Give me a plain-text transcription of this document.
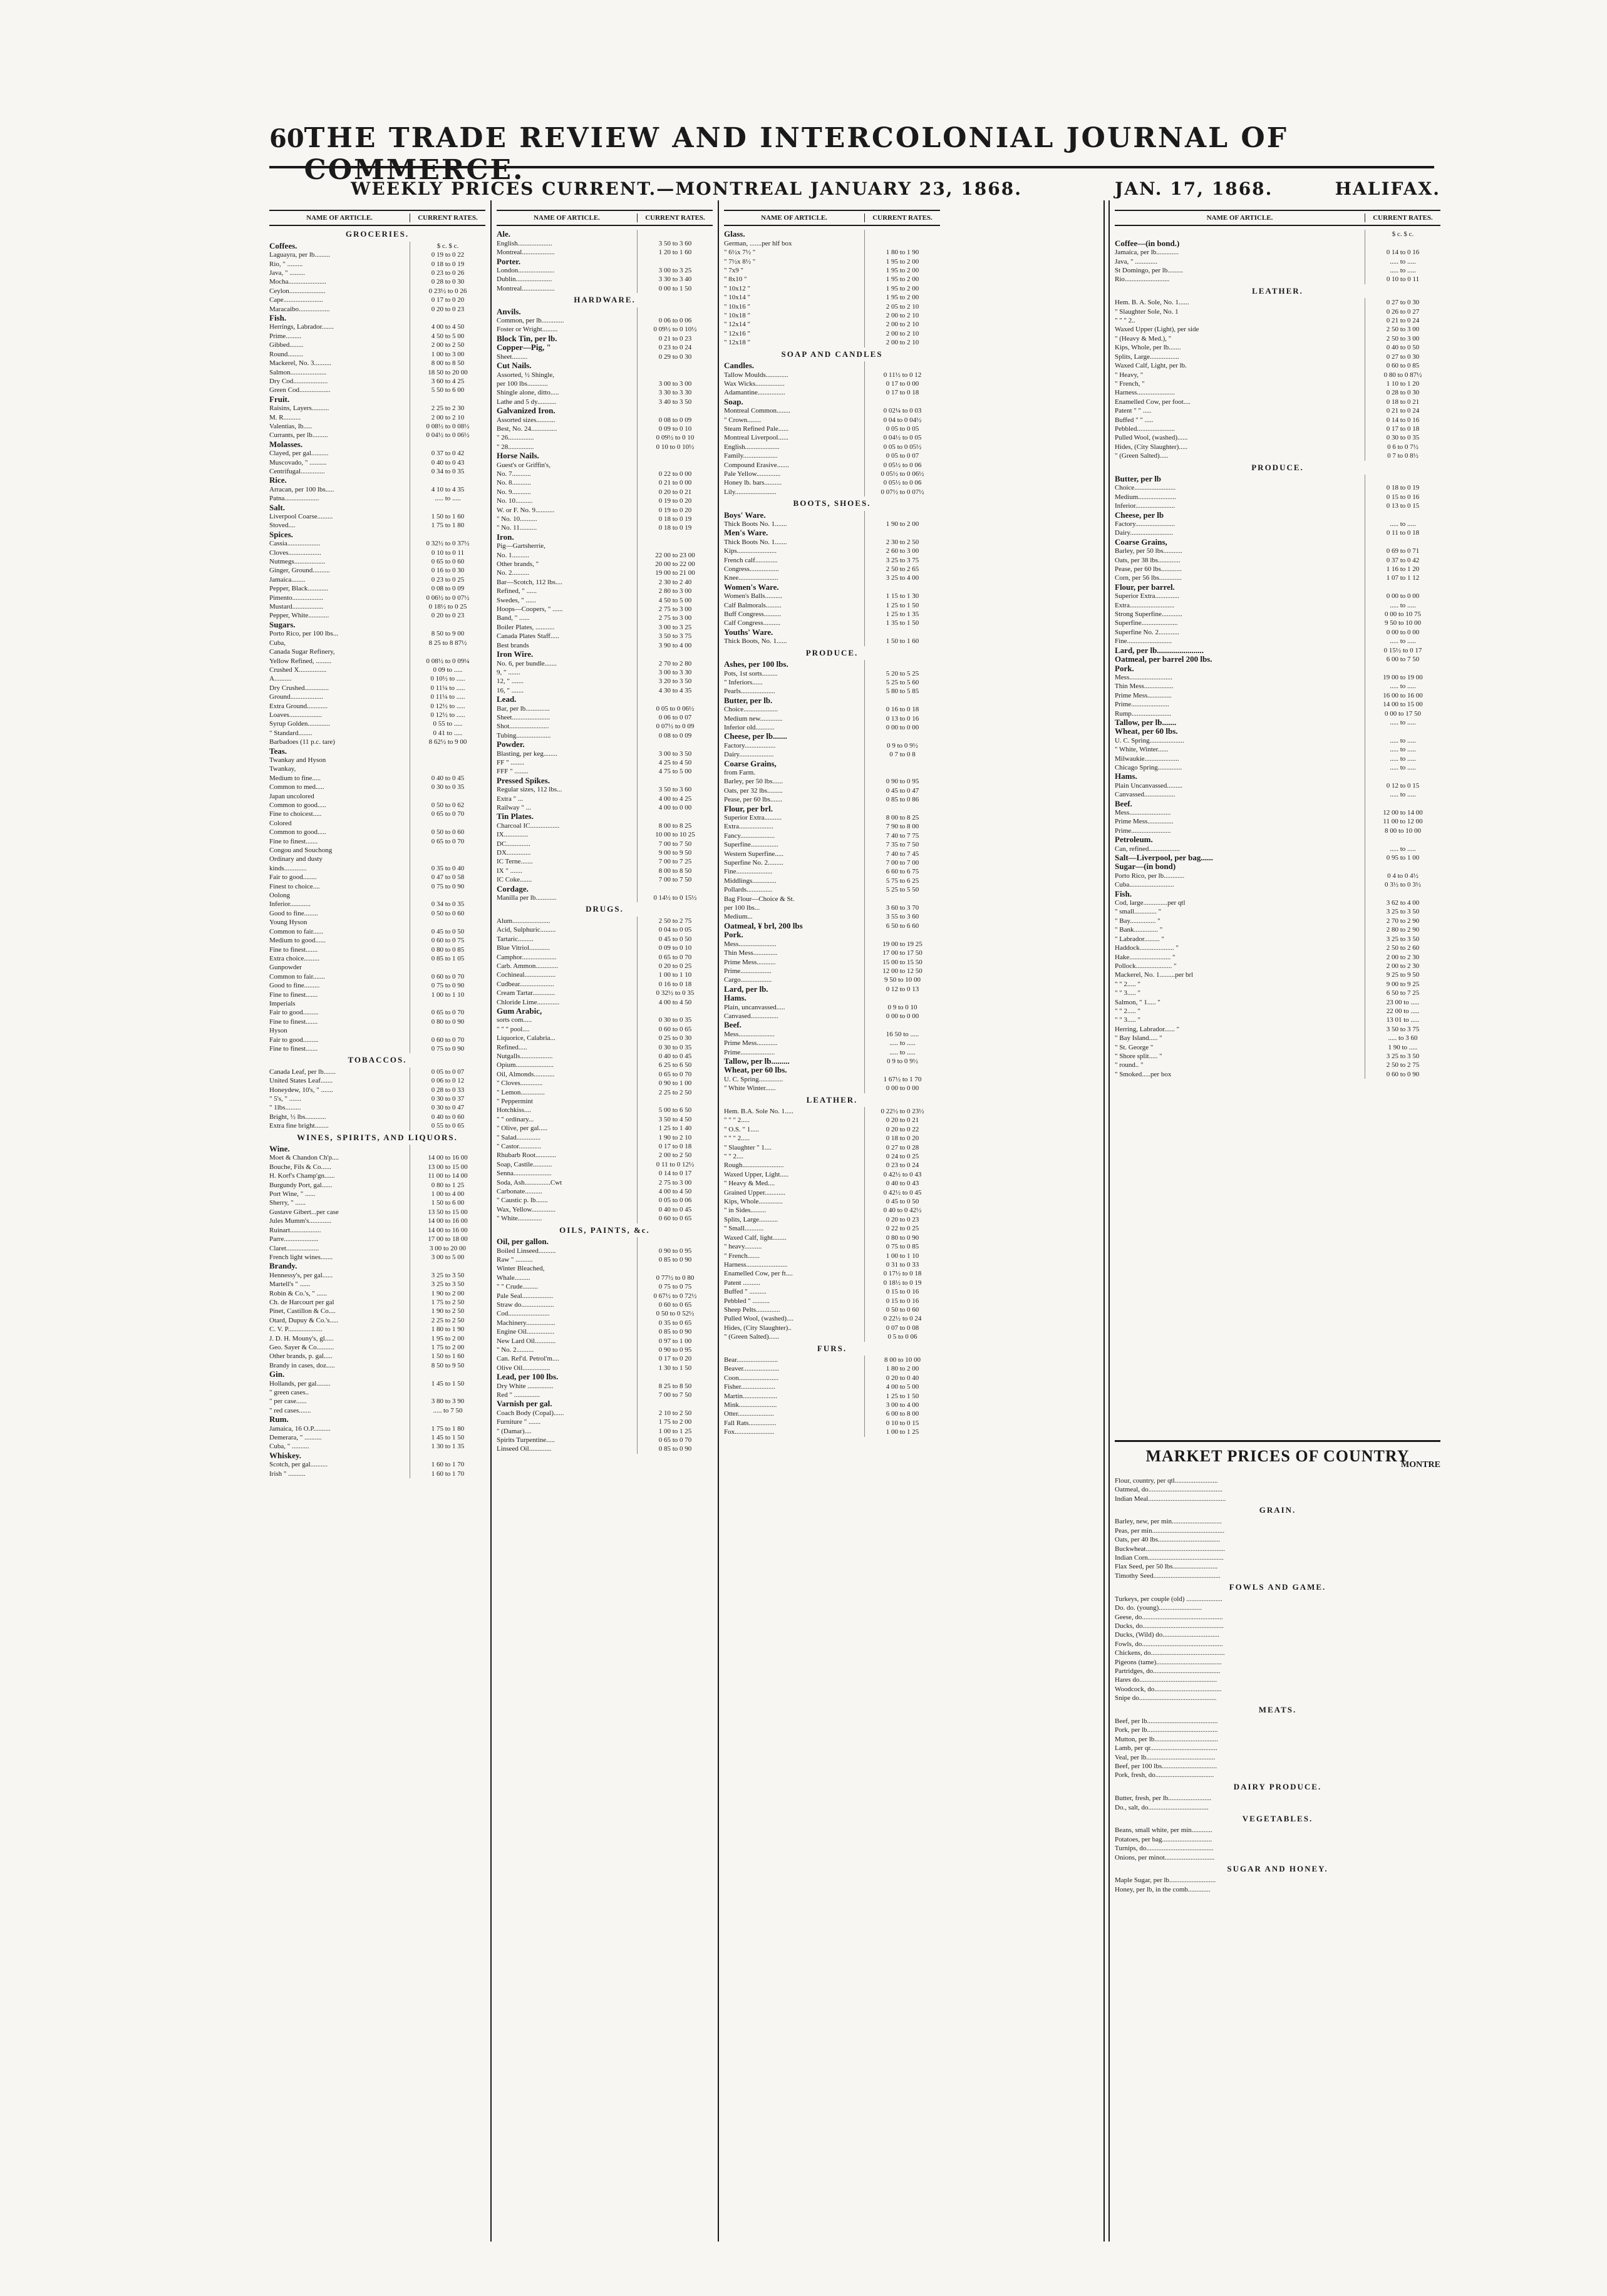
60 THE TRADE REVIEW AND INTERCOLONIAL JOURNAL OF COMMERCE.
WEEKLY PRICES CURRENT.—MONTREAL JANUARY 23, 1868.	JAN. 17, 1868.	HALIFAX.
NAME OF ARTICLE.	CURRENT RATES.
GROCERIES.
Coffees.	$ c. $ c.
Laguayra, per lb.........	0 19 to 0 22
Rio, " .........	0 18 to 0 19
Java, " .........	0 23 to 0 26
Mocha......................	0 28 to 0 30
Ceylon.....................	0 23½ to 0 26
Cape.......................	0 17 to 0 20
Maracaibo..................	0 20 to 0 23
Fish.
Herrings, Labrador.......	4 00 to 4 50
Prime.........	4 50 to 5 00
Gibbed........	2 00 to 2 50
Round.........	1 00 to 3 00
Mackerel, No. 3..........	8 00 to 8 50
Salmon.....................	18 50 to 20 00
Dry Cod....................	3 60 to 4 25
Green Cod..................	5 50 to 6 00
Fruit.
Raisins, Layers..........	2 25 to 2 30
M. R..........	2 00 to 2 10
Valentias, lb.....	0 08½ to 0 08½
Currants, per lb.........	0 04½ to 0 06½
Molasses.
Clayed, per gal..........	0 37 to 0 42
Muscovado, " ..........	0 40 to 0 43
Centrifugal..............	0 34 to 0 35
Rice.
Arracan, per 100 lbs.....	4 10 to 4 35
Patna....................	..... to .....
Salt.
Liverpool Coarse.........	1 50 to 1 60
Stoved....	1 75 to 1 80
Spices.
Cassia...................	0 32½ to 0 37½
Cloves...................	0 10 to 0 11
Nutmegs..................	0 65 to 0 60
Ginger, Ground..........	0 16 to 0 30
Jamaica........	0 23 to 0 25
Pepper, Black............	0 08 to 0 09
Pimento..................	0 06½ to 0 07½
Mustard..................	0 18½ to 0 25
Pepper, White............	0 20 to 0 23
Sugars.
Porto Rico, per 100 lbs...	8 50 to 9 00
Cuba,	8 25 to 8 87½
Canada Sugar Refinery,
Yellow Refined, .........	0 08½ to 0 09¼
Crushed X................	0 09 to .....
A..........	0 10½ to .....
Dry Crushed..............	0 11¼ to .....
Ground...................	0 11¼ to .....
Extra Ground............	0 12½ to .....
Loaves...................	0 12½ to .....
Syrup Golden.............	0 55 to .....
" Standard........	0 41 to .....
Barbadoes (11 p.c. tare)	8 62½ to 9 00
Teas.
Twankay and Hyson
Twankay,
Medium to fine.....	0 40 to 0 45
Common to med.....	0 30 to 0 35
Japan uncolored
Common to good.....	0 50 to 0 62
Fine to choicest.....	0 65 to 0 70
Colored
Common to good.....	0 50 to 0 60
Fine to finest.......	0 65 to 0 70
Congou and Souchong
Ordinary and dusty
kinds.............	0 35 to 0 40
Fair to good........	0 47 to 0 58
Finest to choice....	0 75 to 0 90
Oolong
Inferior............	0 34 to 0 35
Good to fine........	0 50 to 0 60
Young Hyson
Common to fair......	0 45 to 0 50
Medium to good......	0 60 to 0 75
Fine to finest.......	0 80 to 0 85
Extra choice.........	0 85 to 1 05
Gunpowder
Common to fair.......	0 60 to 0 70
Good to fine.........	0 75 to 0 90
Fine to finest.......	1 00 to 1 10
Imperials
Fair to good.........	0 65 to 0 70
Fine to finest.......	0 80 to 0 90
Hyson
Fair to good.........	0 60 to 0 70
Fine to finest.......	0 75 to 0 90
TOBACCOS.
Canada Leaf, per lb.......	0 05 to 0 07
United States Leaf.......	0 06 to 0 12
Honeydew, 10's, " .......	0 28 to 0 33
" 5's, " .......	0 30 to 0 37
" 1lbs.........	0 30 to 0 47
Bright, ½ lbs............	0 40 to 0 60
Extra fine bright........	0 55 to 0 65
WINES, SPIRITS, AND LIQUORS.
Wine.
Moet & Chandon Ch'p....	14 00 to 16 00
Bouche, Fils & Co......	13 00 to 15 00
H. Korf's Champ'gn......	11 00 to 14 00
Burgundy Port, gal......	0 80 to 1 25
Port Wine, " ......	1 00 to 4 00
Sherry, " ......	1 50 to 6 00
Gustave Gibert...per case	13 50 to 15 00
Jules Mumm's.............	14 00 to 16 00
Ruinart..................	14 00 to 16 00
Parre....................	17 00 to 18 00
Claret...................	3 00 to 20 00
French light wines.......	3 00 to 5 00
Brandy.
Hennessy's, per gal......	3 25 to 3 50
Martell's " ......	3 25 to 3 50
Robin & Co.'s, " ......	1 90 to 2 00
Ch. de Harcourt per gal	1 75 to 2 50
Pinet, Castillon & Co....	1 90 to 2 50
Otard, Dupuy & Co.'s.....	2 25 to 2 50
C. V. P....................	1 80 to 1 90
J. D. H. Mouny's, gl.....	1 95 to 2 00
Geo. Sayer & Co..........	1 75 to 2 00
Other brands, p. gal.....	1 50 to 1 60
Brandy in cases, doz.....	8 50 to 9 50
Gin.
Hollands, per gal........	1 45 to 1 50
" green cases..
" per case......	3 80 to 3 90
" red cases.......	..... to 7 50
Rum.
Jamaica, 16 O.P..........	1 75 to 1 80
Demerara, " ..........	1 45 to 1 50
Cuba, " ..........	1 30 to 1 35
Whiskey.
Scotch, per gal..........	1 60 to 1 70
Irish " ..........	1 60 to 1 70
NAME OF ARTICLE.	CURRENT RATES.
Ale.
English....................	3 50 to 3 60
Montreal...................	1 20 to 1 60
Porter.
London.....................	3 00 to 3 25
Dublin.....................	3 30 to 3 40
Montreal...................	0 00 to 1 50
HARDWARE.
Anvils.
Common, per lb.............	0 06 to 0 06
Foster or Wright.........	0 09½ to 0 10½
Block Tin, per lb.	0 21 to 0 23
Copper—Pig, "	0 23 to 0 24
Sheet.........	0 29 to 0 30
Cut Nails.
Assorted, ½ Shingle,
per 100 lbs............	3 00 to 3 00
Shingle alone, ditto.....	3 30 to 3 30
Lathe and 5 dy...........	3 40 to 3 50
Galvanized Iron.
Assorted sizes...........	0 08 to 0 09
Best, No. 24...............	0 09 to 0 10
" 26...............	0 09½ to 0 10
" 28...............	0 10 to 0 10½
Horse Nails.
Guest's or Griffin's,
No. 7...........	0 22 to 0 00
No. 8...........	0 21 to 0 00
No. 9...........	0 20 to 0 21
No. 10..........	0 19 to 0 20
W. or F. No. 9...........	0 19 to 0 20
" No. 10..........	0 18 to 0 19
" No. 11..........	0 18 to 0 19
Iron.
Pig—Gartsherrie,
No. 1..........	22 00 to 23 00
Other brands, "	20 00 to 22 00
No. 2..........	19 00 to 21 00
Bar—Scotch, 112 lbs....	2 30 to 2 40
Refined, " ......	2 80 to 3 00
Swedes, " ......	4 50 to 5 00
Hoops—Coopers, " ......	2 75 to 3 00
Band, " ......	2 75 to 3 00
Boiler Plates, ...........	3 00 to 3 25
Canada Plates Staff.....	3 50 to 3 75
Best brands	3 90 to 4 00
Iron Wire.
No. 6, per bundle.......	2 70 to 2 80
9, " .......	3 00 to 3 30
12, " .......	3 20 to 3 50
16, " .......	4 30 to 4 35
Lead.
Bar, per lb..............	0 05 to 0 06½
Sheet......................	0 06 to 0 07
Shot.......................	0 07½ to 0 09
Tubing....................	0 08 to 0 09
Powder.
Blasting, per keg........	3 00 to 3 50
FF " ........	4 25 to 4 50
FFF " ........	4 75 to 5 00
Pressed Spikes.
Regular sizes, 112 lbs...	3 50 to 3 60
Extra " ...	4 00 to 4 25
Railway " ...	4 00 to 0 00
Tin Plates.
Charcoal IC.................	8 00 to 8 25
IX..............	10 00 to 10 25
DC..............	7 00 to 7 50
DX..............	9 00 to 9 50
IC Terne.......	7 00 to 7 25
IX " .......	8 00 to 8 50
IC Coke.......	7 00 to 7 50
Cordage.
Manilla per lb............	0 14½ to 0 15½
DRUGS.
Alum......................	2 50 to 2 75
Acid, Sulphuric.........	0 04 to 0 05
Tartaric.........	0 45 to 0 50
Blue Vitriol............	0 09 to 0 10
Camphor....................	0 65 to 0 70
Carb. Ammon.............	0 20 to 0 25
Cochineal..................	1 00 to 1 10
Cudbear....................	0 16 to 0 18
Cream Tartar.............	0 32½ to 0 35
Chloride Lime.............	4 00 to 4 50
Gum Arabic,
sorts com.....	0 30 to 0 35
" " " pool....	0 60 to 0 65
Liquorice, Calabria...	0 25 to 0 30
Refined.....	0 30 to 0 35
Nutgalls...................	0 40 to 0 45
Opium......................	6 25 to 6 50
Oil, Almonds............	0 65 to 0 70
" Cloves.............	0 90 to 1 00
" Lemon..............	2 25 to 2 50
" Peppermint
Hotchkiss....	5 00 to 6 50
" " ordinary...	3 50 to 4 50
" Olive, per gal.....	1 25 to 1 40
" Salad..............	1 90 to 2 10
" Castor.............	0 17 to 0 18
Rhubarb Root............	2 00 to 2 50
Soap, Castile...........	0 11 to 0 12½
Senna......................	0 14 to 0 17
Soda, Ash...............Cwt	2 75 to 3 00
Carbonate..........	4 00 to 4 50
" Caustic p. lb.......	0 05 to 0 06
Wax, Yellow..............	0 40 to 0 45
" White..............	0 60 to 0 65
OILS, PAINTS, &c.
Oil, per gallon.
Boiled Linseed..........	0 90 to 0 95
Raw " ..........	0 85 to 0 90
Winter Bleached,
Whale.........	0 77½ to 0 80
" " Crude.........	0 75 to 0 75
Pale Seal..................	0 67½ to 0 72½
Straw do...................	0 60 to 0 65
Cod........................	0 50 to 0 52½
Machinery.................	0 35 to 0 65
Engine Oil................	0 85 to 0 90
New Lard Oil............	0 97 to 1 00
" No. 2..........	0 90 to 0 95
Can. Ref'd. Petrol'm....	0 17 to 0 20
Olive Oil................	1 30 to 1 50
Lead, per 100 lbs.
Dry White ...............	8 25 to 8 50
Red " ...............	7 00 to 7 50
Varnish per gal.
Coach Body (Copal)......	2 10 to 2 50
Furniture " .......	1 75 to 2 00
" (Damar)....	1 00 to 1 25
Spirits Turpentine.....	0 65 to 0 70
Linseed Oil.............	0 85 to 0 90
NAME OF ARTICLE.	CURRENT RATES.
Glass.
German, .......per hlf box
" 6½x 7½ "	1 80 to 1 90
" 7½x 8½ "	1 95 to 2 00
" 7x9 "	1 95 to 2 00
" 8x10 "	1 95 to 2 00
" 10x12 "	1 95 to 2 00
" 10x14 "	1 95 to 2 00
" 10x16 "	2 05 to 2 10
" 10x18 "	2 00 to 2 10
" 12x14 "	2 00 to 2 10
" 12x16 "	2 00 to 2 10
" 12x18 "	2 00 to 2 10
SOAP AND CANDLES
Candles.
Tallow Moulds.............	0 11½ to 0 12
Wax Wicks.................	0 17 to 0 00
Adamantine................	0 17 to 0 18
Soap.
Montreal Common........	0 02¼ to 0 03
" Crown........	0 04 to 0 04½
Steam Refined Pale......	0 05 to 0 05
Montreal Liverpool......	0 04½ to 0 05
English....................	0 05 to 0 05½
Family....................	0 05 to 0 07
Compound Erasive.......	0 05½ to 0 06
Pale Yellow..............	0 05½ to 0 06½
Honey lb. bars..........	0 05½ to 0 06
Lily........................	0 07½ to 0 07½
BOOTS, SHOES.
Boys' Ware.
Thick Boots No. 1.......	1 90 to 2 00
Men's Ware.
Thick Boots No. 1.......	2 30 to 2 50
Kips.......................	2 60 to 3 00
French calf.............	3 25 to 3 75
Congress.................	2 50 to 2 65
Knee.......................	3 25 to 4 00
Women's Ware.
Women's Balls..........	1 15 to 1 30
Calf Balmorals.........	1 25 to 1 50
Buff Congress..........	1 25 to 1 35
Calf Congress..........	1 35 to 1 50
Youths' Ware.
Thick Boots, No. 1......	1 50 to 1 60
PRODUCE.
Ashes, per 100 lbs.
Pots, 1st sorts.........	5 20 to 5 25
" Inferiors......	5 25 to 5 60
Pearls....................	5 80 to 5 85
Butter, per lb.
Choice....................	0 16 to 0 18
Medium new.............	0 13 to 0 16
Inferior old...........	0 00 to 0 00
Cheese, per lb.......
Factory..................	0 9 to 0 9½
Dairy....................	0 7 to 0 8
Coarse Grains,
from Farm.
Barley, per 50 lbs......	0 90 to 0 95
Oats, per 32 lbs.........	0 45 to 0 47
Pease, per 60 lbs.......	0 85 to 0 86
Flour, per brl.
Superior Extra..........	8 00 to 8 25
Extra....................	7 90 to 8 00
Fancy....................	7 40 to 7 75
Superfine................	7 35 to 7 50
Western Superfine.....	7 40 to 7 45
Superfine No. 2.........	7 00 to 7 00
Fine.....................	6 60 to 6 75
Middlings..............	5 75 to 6 25
Pollards...............	5 25 to 5 50
Bag Flour—Choice & St.
per 100 lbs...	3 60 to 3 70
Medium...	3 55 to 3 60
Oatmeal, ¥ brl, 200 lbs	6 50 to 6 60
Pork.
Mess......................	19 00 to 19 25
Thin Mess..............	17 00 to 17 50
Prime Mess...........	15 00 to 15 50
Prime..................	12 00 to 12 50
Cargo..................	9 50 to 10 00
Lard, per lb.	0 12 to 0 13
Hams.
Plain, uncanvassed.....	0 9 to 0 10
Canvased................	0 00 to 0 00
Beef.
Mess.....................	16 50 to .....
Prime Mess............	..... to .....
Prime....................	..... to .....
Tallow, per lb.........	0 9 to 0 9½
Wheat, per 60 lbs.
U. C. Spring..............	1 67½ to 1 70
" White Winter......	0 00 to 0 00
LEATHER.
Hem. B.A. Sole No. 1.....	0 22½ to 0 23½
" " " 2.....	0 20 to 0 21
" O.S. " 1.....	0 20 to 0 22
" " " 2.....	0 18 to 0 20
" Slaughter " 1....	0 27 to 0 28
" " 2....	0 24 to 0 25
Rough........................	0 23 to 0 24
Waxed Upper, Light.....	0 42½ to 0 43
" Heavy & Med....	0 40 to 0 43
Grained Upper............	0 42½ to 0 45
Kips, Whole..............	0 45 to 0 50
" in Sides.........	0 40 to 0 42½
Splits, Large...........	0 20 to 0 23
" Small...........	0 22 to 0 25
Waxed Calf, light........	0 80 to 0 90
" heavy..........	0 75 to 0 85
" French.......	1 00 to 1 10
Harness........................	0 31 to 0 33
Enamelled Cow, per ft....	0 17½ to 0 18
Patent ..........	0 18½ to 0 19
Buffed " ..........	0 15 to 0 16
Pebbled " ..........	0 15 to 0 16
Sheep Pelts..............	0 50 to 0 60
Pulled Wool, (washed)....	0 22½ to 0 24
Hides, (City Slaughter)..	0 07 to 0 08
" (Green Salted)......	0 5 to 0 06
FURS.
Bear........................	8 00 to 10 00
Beaver.....................	1 80 to 2 00
Coon.......................	0 20 to 0 40
Fisher....................	4 00 to 5 00
Martin....................	1 25 to 1 50
Mink......................	3 00 to 4 00
Otter.....................	6 00 to 8 00
Fall Rats................	0 10 to 0 15
Fox.......................	1 00 to 1 25
NAME OF ARTICLE.	CURRENT RATES.
$ c. $ c.
Coffee—(in bond.)
Jamaica, per lb.............	0 14 to 0 16
Java, " .............	..... to .....
St Domingo, per lb.........	..... to .....
Rio..........................	0 10 to 0 11
LEATHER.
Hem. B. A. Sole, No. 1......	0 27 to 0 30
" Slaughter Sole, No. 1	0 26 to 0 27
" " " 2..	0 21 to 0 24
Waxed Upper (Light), per side	2 50 to 3 00
" (Heavy & Med.), "	2 50 to 3 00
Kips, Whole, per lb.......	0 40 to 0 50
Splits, Large.................	0 27 to 0 30
Waxed Calf, Light, per lb.	0 60 to 0 85
" Heavy, "	0 80 to 0 87½
" French, "	1 10 to 1 20
Harness......................	0 28 to 0 30
Enamelled Cow, per foot....	0 18 to 0 21
Patent " " .....	0 21 to 0 24
Buffed " " .....	0 14 to 0 16
Pebbled......................	0 17 to 0 18
Pulled Wool, (washed)......	0 30 to 0 35
Hides, (City Slaughter).....	0 6 to 0 7½
" (Green Salted).....	0 7 to 0 8½
PRODUCE.
Butter, per lb
Choice........................	0 18 to 0 19
Medium......................	0 15 to 0 16
Inferior.......................	0 13 to 0 15
Cheese, per lb
Factory.......................	..... to .....
Dairy.........................	0 11 to 0 18
Coarse Grains,
Barley, per 50 lbs...........	0 69 to 0 71
Oats, per 38 lbs.............	0 37 to 0 42
Pease, per 60 lbs............	1 16 to 1 20
Corn, per 56 lbs.............	1 07 to 1 12
Flour, per barrel.
Superior Extra..............	0 00 to 0 00
Extra..........................	..... to .....
Strong Superfine............	0 00 to 10 75
Superfine.....................	9 50 to 10 00
Superfine No. 2............	0 00 to 0 00
Fine..........................	..... to .....
Lard, per lb.......................	0 15½ to 0 17
Oatmeal, per barrel 200 lbs.	6 00 to 7 50
Pork.
Mess.........................	19 00 to 19 00
Thin Mess.................	..... to .....
Prime Mess..............	16 00 to 16 00
Prime......................	14 00 to 15 00
Rump.......................	0 00 to 17 50
Tallow, per lb.......	..... to .....
Wheat, per 60 lbs.
U. C. Spring....................	..... to .....
" White, Winter......	..... to .....
Milwaukie....................	..... to .....
Chicago Spring..............	..... to .....
Hams.
Plain Uncanvassed.........	0 12 to 0 15
Canvassed..................	..... to .....
Beef.
Mess........................	12 00 to 14 00
Prime Mess...............	11 00 to 12 00
Prime.......................	8 00 to 10 00
Petroleum.
Can, refined..................	..... to .....
Salt—Liverpool, per bag......	0 95 to 1 00
Sugar—(in bond)
Porto Rico, per lb............	0 4 to 0 4½
Cuba..........................	0 3½ to 0 3½
Fish.
Cod, large..............per qtl	3 62 to 4 00
" small............. "	3 25 to 3 50
" Bay............... "	2 70 to 2 90
" Bank.............. "	2 80 to 2 90
" Labrador......... "	3 25 to 3 50
Haddock.................... "	2 50 to 2 60
Hake........................ "	2 00 to 2 30
Pollock..................... "	2 00 to 2 30
Mackerel, No. 1.........per brl	9 25 to 9 50
" " 2..... "	9 00 to 9 25
" " 3..... "	6 50 to 7 25
Salmon, " 1..... "	23 00 to .....
" " 2..... "	22 00 to .....
" " 3..... "	13 01 to .....
Herring, Labrador...... "	3 50 to 3 75
" Bay Island..... "	..... to 3 60
" St. George "	1 90 to .....
" Shore split..... "	3 25 to 3 50
" round.. "	2 50 to 2 75
" Smoked.....per box	0 60 to 0 90
MARKET PRICES OF COUNTRY
MONTRE
Flour, country, per qtl.........................
Oatmeal, do...........................................
Indian Meal.............................................
GRAIN.
Barley, new, per min.............................
Peas, per min..........................................
Oats, per 40 lbs....................................
Buckwheat..............................................
Indian Corn............................................
Flax Seed, per 50 lbs..........................
Timothy Seed.......................................
FOWLS AND GAME.
Turkeys, per couple (old) .....................
Do. do. (young).........................
Geese, do...............................................
Ducks, do...............................................
Ducks, (Wild) do.................................
Fowls, do...............................................
Chickens, do...........................................
Pigeons (tame)......................................
Partridges, do.......................................
Hares do.............................................
Woodcock, do.......................................
Snipe do.............................................
MEATS.
Beef, per lb.........................................
Pork, per lb.........................................
Mutton, per lb.....................................
Lamb, per qr.......................................
Veal, per lb........................................
Beef, per 100 lbs................................
Pork, fresh, do..................................
DAIRY PRODUCE.
Butter, fresh, per lb.........................
Do., salt, do...................................
VEGETABLES.
Beans, small white, per min............
Potatoes, per bag.............................
Turnips, do.......................................
Onions, per minot.............................
SUGAR AND HONEY.
Maple Sugar, per lb...........................
Honey, per lb, in the comb.............
